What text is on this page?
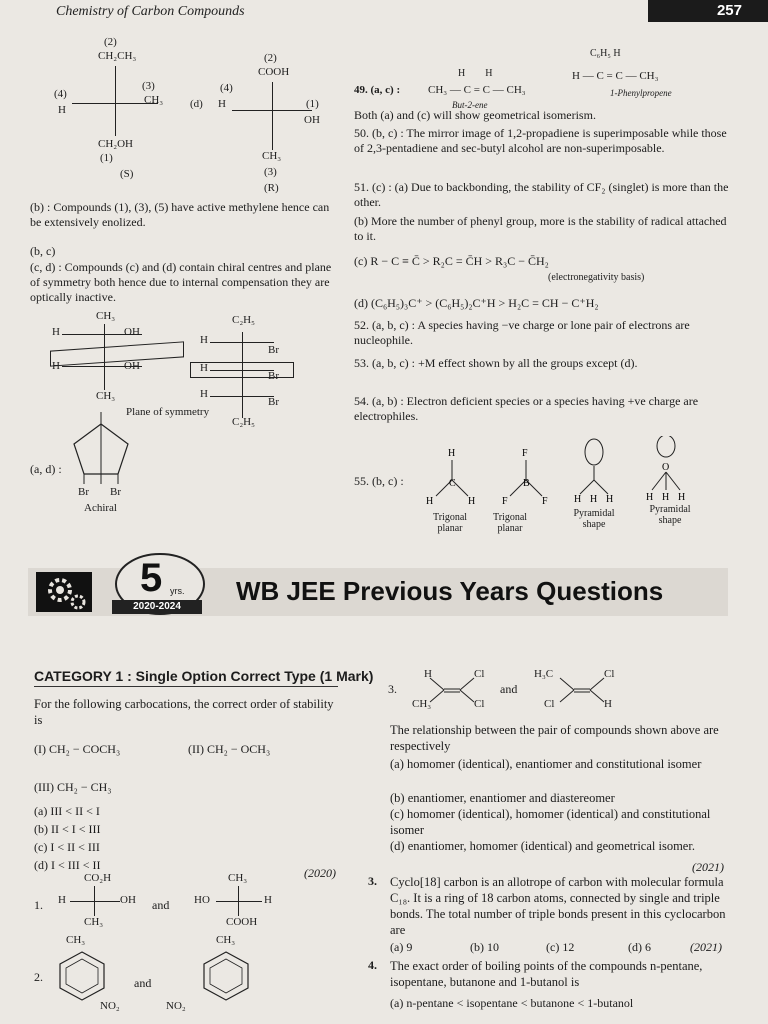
Chemistry of Carbon Compounds	257
(2)
CH₂CH₃
(3)
CH₃
(4)
H
CH₂OH
(1)
(S)
(2)
COOH
(4)
(d) H	(1)
OH
CH₃
(3)
(R)
(b) : Compounds (1), (3), (5) have active methylene hence can be extensively enolized.
(b, c)
(c, d) : Compounds (c) and (d) contain chiral centres and plane of symmetry both hence due to internal compensation they are optically inactive.
CH₃
H
H
OH
OH
CH₃
C₂H₅
H
H
H
Br
Br
Br
C₂H₅
Plane of symmetry
(a, d) :
Br Br
Achiral
49. (a, c) :	CH₃ — C = C — CH₃
H        H
But-2-ene
C₆H₅ H
H — C = C — CH₃
1-Phenylpropene
Both (a) and (c) will show geometrical isomerism.
50. (b, c) : The mirror image of 1,2-propadiene is superimposable while those of 2,3-pentadiene and sec-butyl alcohol are non-superimposable.
51. (c) : (a) Due to backbonding, the stability of CF₂ (singlet) is more than the other.
(b) More the number of phenyl group, more is the stability of radical attached to it.
(c) R − C ≡ C̄ > R₂C = C̄H > R₃C − C̄H₂
(electronegativity basis)
(d) (C₆H₅)₃C⁺ > (C₆H₅)₂C⁺H > H₂C = CH − C⁺H₂
52. (a, b, c) : A species having −ve charge or lone pair of electrons are nucleophile.
53. (a, b, c) : +M effect shown by all the groups except (d).
54. (a, b) : Electron deficient species or a species having +ve charge are electrophiles.
55. (b, c) :
H
C
H	H
F
B
F	F	H H H
O
H H H
Trigonal planar
Trigonal planar
Pyramidal shape
Pyramidal shape
5 yrs.
2020-2024
WB JEE Previous Years Questions
CATEGORY 1 : Single Option Correct Type (1 Mark)
For the following carbocations, the correct order of stability is
(I) CH₂ − COCH₃	(II) CH₂ − OCH₃
(III) CH₂ − CH₃
(a) III < II < I
(b) II < I < III
(c) I < II < III
(d) I < III < II
(2020)
1.
CO₂H
H	OH
CH₃
and
CH₃
HO	H
COOH
2.
CH₃
NO₂
and
CH₃
NO₂
3.
H	Cl
CH₃	Cl
and
H₃C	Cl
Cl	H
The relationship between the pair of compounds shown above are respectively
(a) homomer (identical), enantiomer and constitutional isomer
(b) enantiomer, enantiomer and diastereomer
(c) homomer (identical), homomer (identical) and constitutional isomer
(d) enantiomer, homomer (identical) and geometrical isomer.
(2021)
3. Cyclo[18] carbon is an allotrope of carbon with molecular formula C₁₈. It is a ring of 18 carbon atoms, connected by single and triple bonds. The total number of triple bonds present in this cyclocarbon are
(a) 9	(b) 10	(c) 12	(d) 6	(2021)
4. The exact order of boiling points of the compounds n-pentane, isopentane, butanone and 1-butanol is
(a) n-pentane < isopentane < butanone < 1-butanol
